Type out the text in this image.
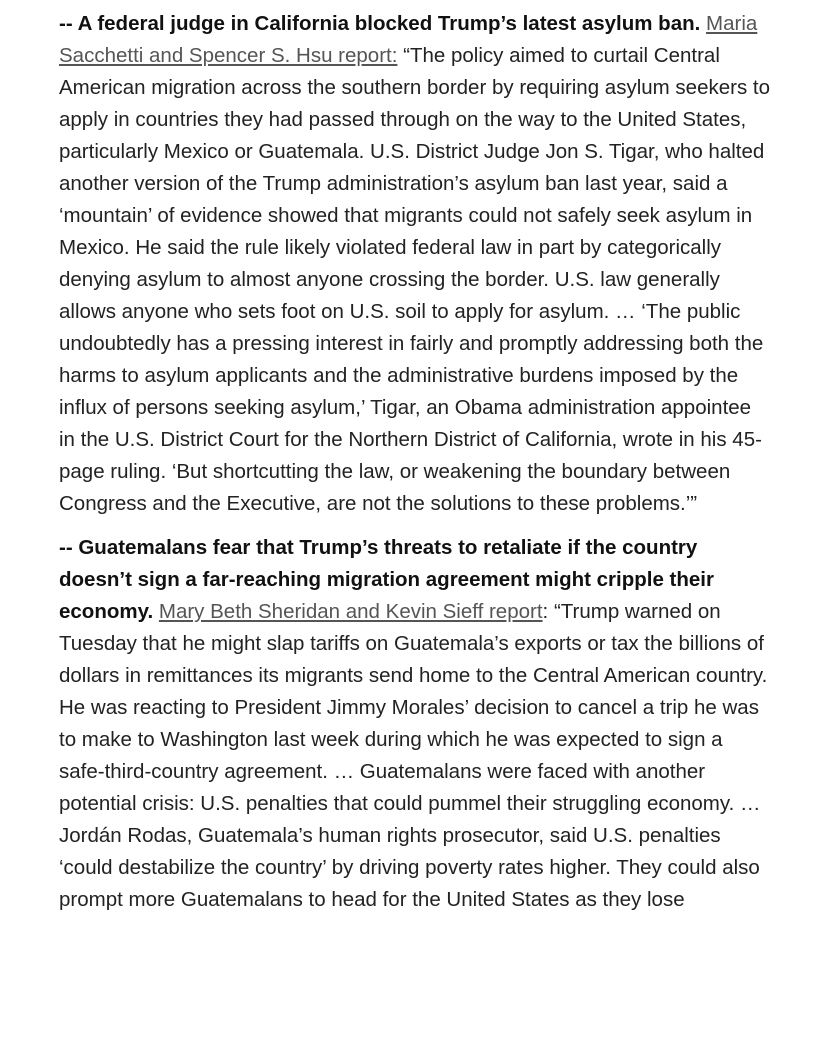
-- A federal judge in California blocked Trump’s latest asylum ban. Maria Sacchetti and Spencer S. Hsu report: “The policy aimed to curtail Central American migration across the southern border by requiring asylum seekers to apply in countries they had passed through on the way to the United States, particularly Mexico or Guatemala. U.S. District Judge Jon S. Tigar, who halted another version of the Trump administration’s asylum ban last year, said a ‘mountain’ of evidence showed that migrants could not safely seek asylum in Mexico. He said the rule likely violated federal law in part by categorically denying asylum to almost anyone crossing the border. U.S. law generally allows anyone who sets foot on U.S. soil to apply for asylum. … ‘The public undoubtedly has a pressing interest in fairly and promptly addressing both the harms to asylum applicants and the administrative burdens imposed by the influx of persons seeking asylum,’ Tigar, an Obama administration appointee in the U.S. District Court for the Northern District of California, wrote in his 45-page ruling. ‘But shortcutting the law, or weakening the boundary between Congress and the Executive, are not the solutions to these problems.’”

-- Guatemalans fear that Trump’s threats to retaliate if the country doesn’t sign a far-reaching migration agreement might cripple their economy. Mary Beth Sheridan and Kevin Sieff report: “Trump warned on Tuesday that he might slap tariffs on Guatemala’s exports or tax the billions of dollars in remittances its migrants send home to the Central American country. He was reacting to President Jimmy Morales’ decision to cancel a trip he was to make to Washington last week during which he was expected to sign a safe-third-country agreement. … Guatemalans were faced with another potential crisis: U.S. penalties that could pummel their struggling economy. … Jordán Rodas, Guatemala’s human rights prosecutor, said U.S. penalties ‘could destabilize the country’ by driving poverty rates higher. They could also prompt more Guatemalans to head for the United States as they lose
